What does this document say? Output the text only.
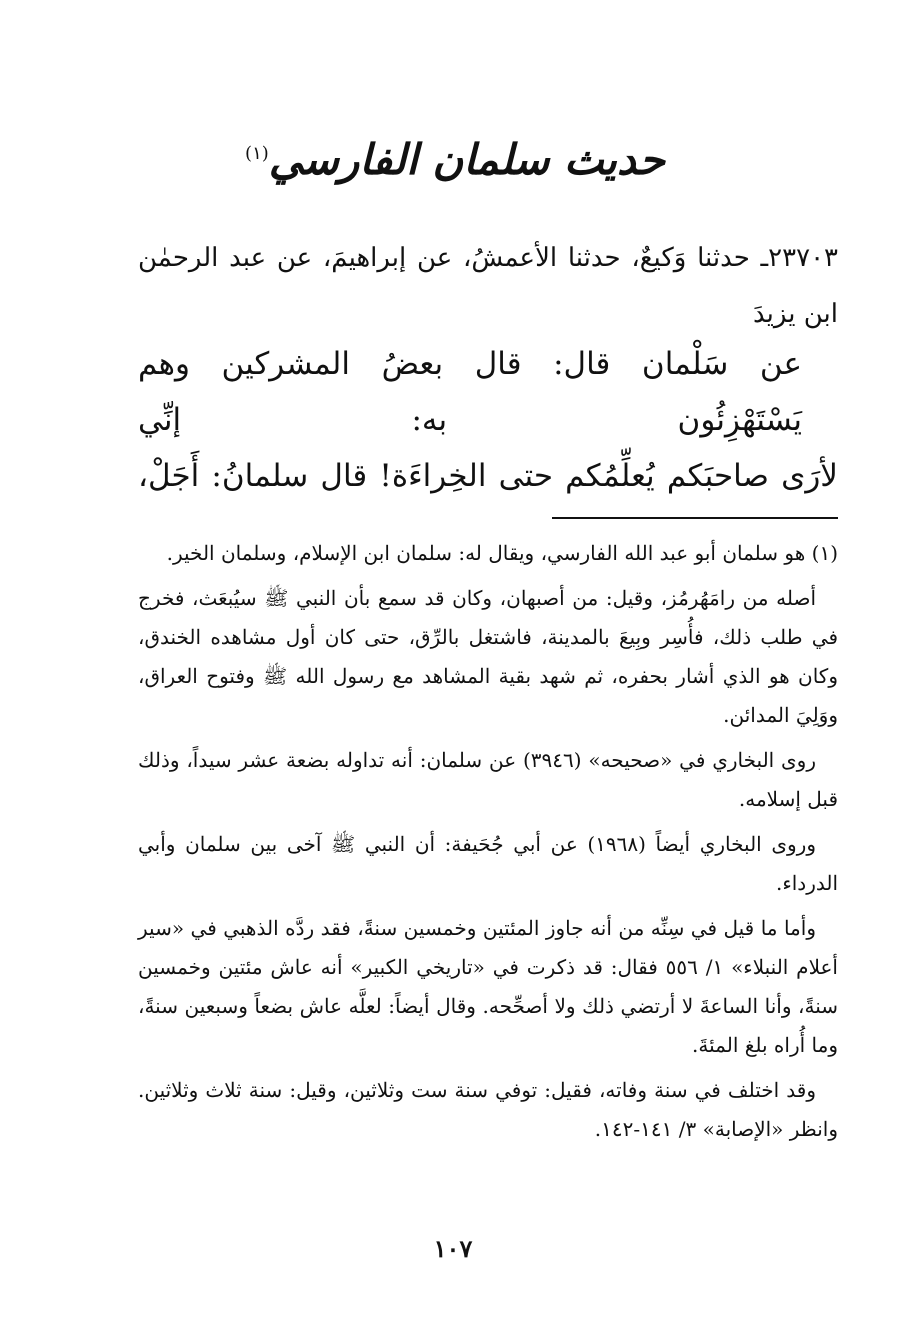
حديث سلمان الفارسي$^{(١)}$
٢٣٧٠٣ـ حدثنا وَكيعٌ، حدثنا الأعمشُ، عن إبراهيمَ، عن عبد الرحمٰن ابن يزيدَ
عن سَلْمان قال: قال بعضُ المشركين وهم يَسْتَهْزِئُون به: إنِّي
لأرَى صاحبَكم يُعلِّمُكم حتى الخِراءَة! قال سلمانُ: أَجَلْ،

(١) هو سلمان أبو عبد الله الفارسي، ويقال له: سلمان ابن الإسلام، وسلمان الخير.

أصله من رامَهُرمُز، وقيل: من أصبهان، وكان قد سمع بأن النبي ﷺ سيُبعَث، فخرج في طلب ذلك، فأُسِر وبِيعَ بالمدينة، فاشتغل بالرِّق، حتى كان أول مشاهده الخندق، وكان هو الذي أشار بحفره، ثم شهد بقية المشاهد مع رسول الله ﷺ وفتوح العراق، ووَلِيَ المدائن.

روى البخاري في «صحيحه» (٣٩٤٦) عن سلمان: أنه تداوله بضعة عشر سيداً، وذلك قبل إسلامه.

وروى البخاري أيضاً (١٩٦٨) عن أبي جُحَيفة: أن النبي ﷺ آخى بين سلمان وأبي الدرداء.

وأما ما قيل في سِنِّه من أنه جاوز المئتين وخمسين سنةً، فقد ردَّه الذهبي في «سير أعلام النبلاء» ١/ ٥٥٦ فقال: قد ذكرت في «تاريخي الكبير» أنه عاش مئتين وخمسين سنةً، وأنا الساعةَ لا أرتضي ذلك ولا أصحِّحه. وقال أيضاً: لعلَّه عاش بضعاً وسبعين سنةً، وما أُراه بلغ المئةَ.

وقد اختلف في سنة وفاته، فقيل: توفي سنة ست وثلاثين، وقيل: سنة ثلاث وثلاثين. وانظر «الإصابة» ٣/ ١٤١-١٤٢.

١٠٧
